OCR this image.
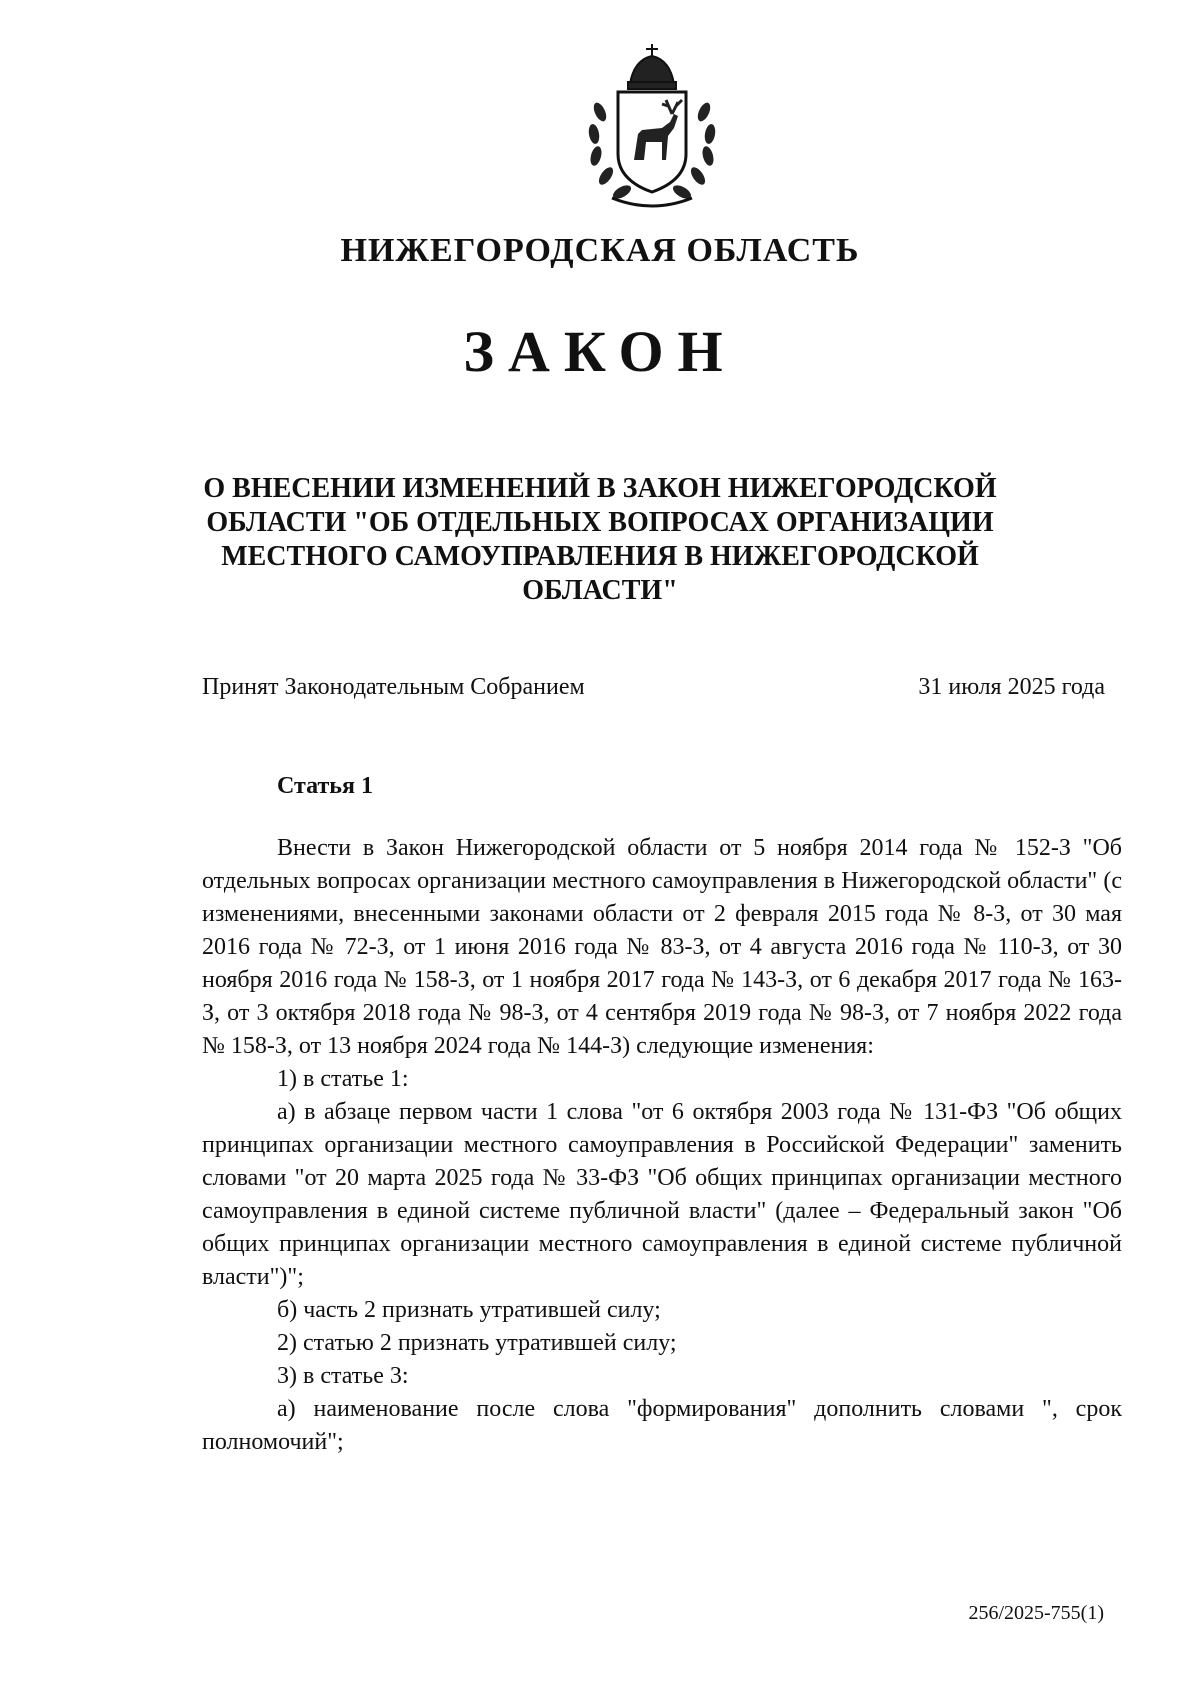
НИЖЕГОРОДСКАЯ ОБЛАСТЬ
ЗАКОН
О ВНЕСЕНИИ ИЗМЕНЕНИЙ В ЗАКОН НИЖЕГОРОДСКОЙ
ОБЛАСТИ "ОБ ОТДЕЛЬНЫХ ВОПРОСАХ ОРГАНИЗАЦИИ
МЕСТНОГО САМОУПРАВЛЕНИЯ В НИЖЕГОРОДСКОЙ
ОБЛАСТИ"
Принят Законодательным Собранием	31 июля 2025 года
Статья 1

Внести в Закон Нижегородской области от 5 ноября 2014 года № 152-З "Об отдельных вопросах организации местного самоуправления в Нижегородской области" (с изменениями, внесенными законами области от 2 февраля 2015 года № 8-З, от 30 мая 2016 года № 72-З, от 1 июня 2016 года № 83-З, от 4 августа 2016 года № 110-З, от 30 ноября 2016 года № 158-З, от 1 ноября 2017 года № 143-З, от 6 декабря 2017 года № 163-З, от 3 октября 2018 года № 98-З, от 4 сентября 2019 года № 98-З, от 7 ноября 2022 года № 158-З, от 13 ноября 2024 года № 144-З) следующие изменения:

1) в статье 1:

а) в абзаце первом части 1 слова "от 6 октября 2003 года № 131-ФЗ "Об общих принципах организации местного самоуправления в Российской Федерации" заменить словами "от 20 марта 2025 года № 33-ФЗ "Об общих принципах организации местного самоуправления в единой системе публичной власти" (далее – Федеральный закон "Об общих принципах организации местного самоуправления в единой системе публичной власти")";

б) часть 2 признать утратившей силу;

2) статью 2 признать утратившей силу;

3) в статье 3:

а) наименование после слова "формирования" дополнить словами ", срок полномочий";

256/2025-755(1)
